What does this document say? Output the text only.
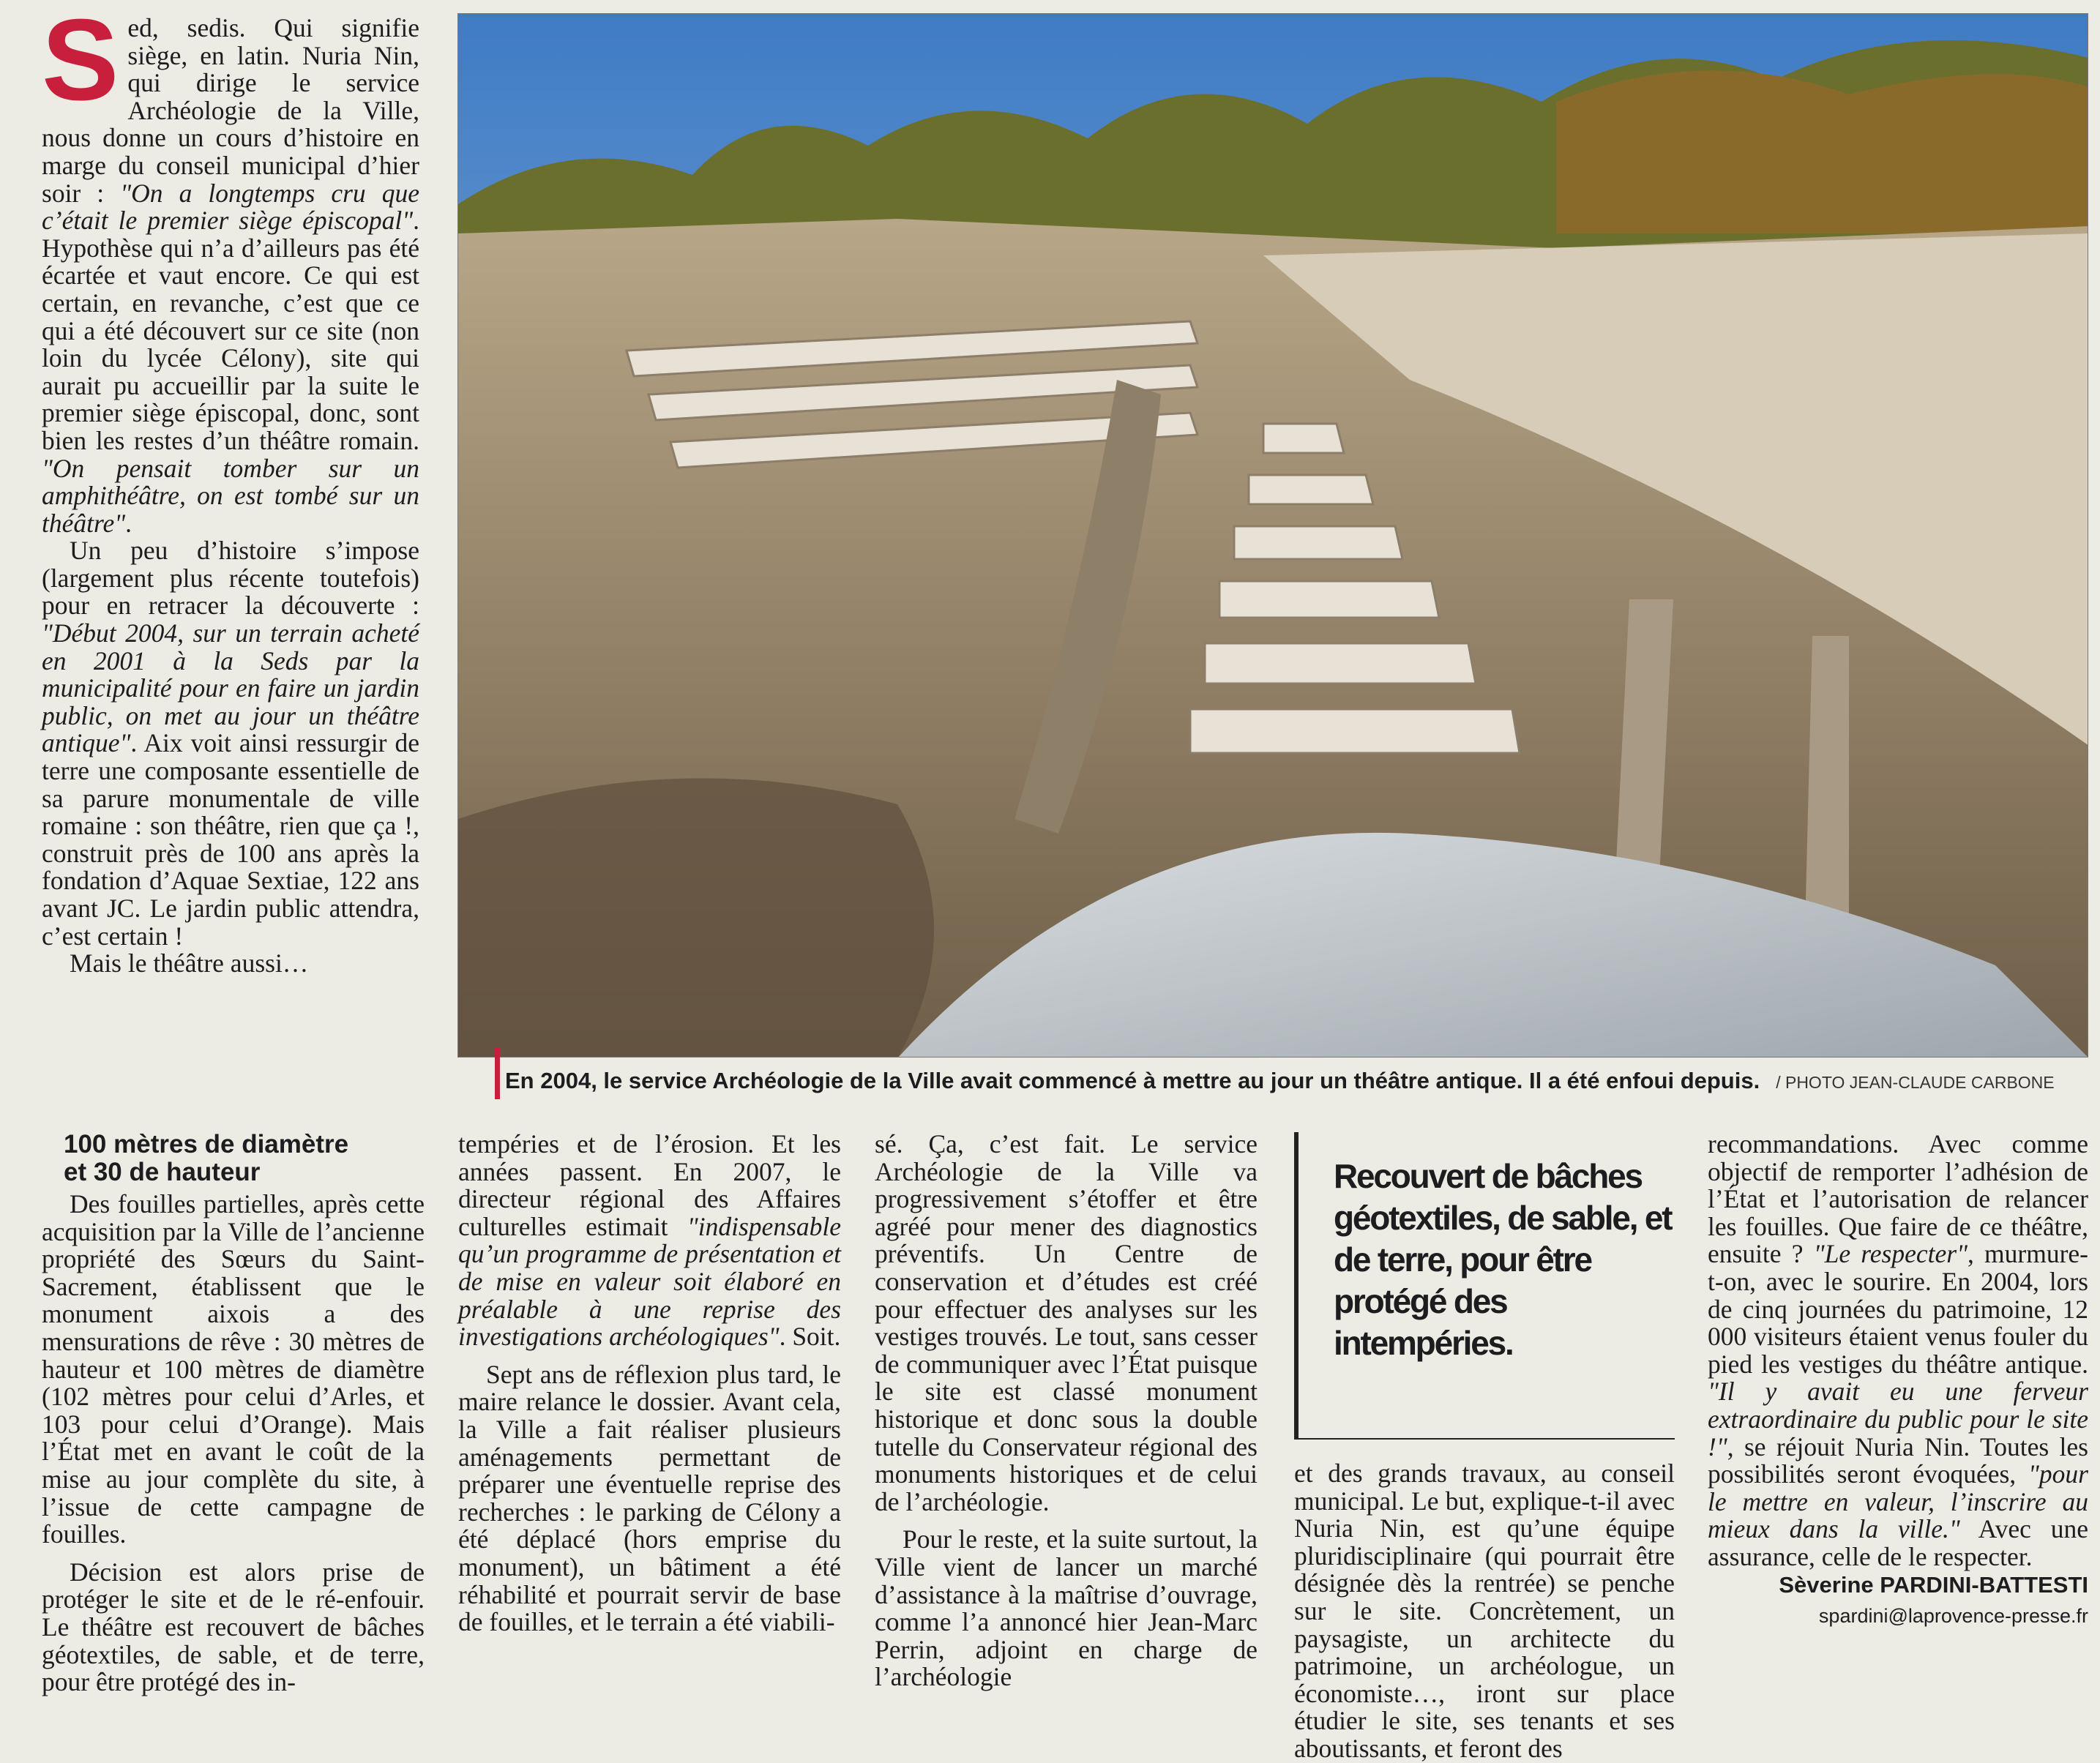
Sed, sedis. Qui signifie siège, en latin. Nuria Nin, qui dirige le service Archéologie de la Ville, nous donne un cours d’histoire en marge du conseil municipal d’hier soir : "On a longtemps cru que c’était le premier siège épiscopal". Hypothèse qui n’a d’ailleurs pas été écartée et vaut encore. Ce qui est certain, en revanche, c’est que ce qui a été découvert sur ce site (non loin du lycée Célony), site qui aurait pu accueillir par la suite le premier siège épiscopal, donc, sont bien les restes d’un théâtre romain. "On pensait tomber sur un amphithéâtre, on est tombé sur un théâtre".

Un peu d’histoire s’impose (largement plus récente toutefois) pour en retracer la découverte : "Début 2004, sur un terrain acheté en 2001 à la Seds par la municipalité pour en faire un jardin public, on met au jour un théâtre antique". Aix voit ainsi ressurgir de terre une composante essentielle de sa parure monumentale de ville romaine : son théâtre, rien que ça !, construit près de 100 ans après la fondation d’Aquae Sextiae, 122 ans avant JC. Le jardin public attendra, c’est certain !

Mais le théâtre aussi…

En 2004, le service Archéologie de la Ville avait commencé à mettre au jour un théâtre antique. Il a été enfoui depuis. / PHOTO JEAN-CLAUDE CARBONE
100 mètres de diamètre
et 30 de hauteur

Des fouilles partielles, après cette acquisition par la Ville de l’ancienne propriété des Sœurs du Saint-Sacrement, établissent que le monument aixois a des mensurations de rêve : 30 mètres de hauteur et 100 mètres de diamètre (102 mètres pour celui d’Arles, et 103 pour celui d’Orange). Mais l’État met en avant le coût de la mise au jour complète du site, à l’issue de cette campagne de fouilles.

Décision est alors prise de protéger le site et de le ré-enfouir. Le théâtre est recouvert de bâches géotextiles, de sable, et de terre, pour être protégé des in-

tempéries et de l’érosion. Et les années passent. En 2007, le directeur régional des Affaires culturelles estimait "indispensable qu’un programme de présentation et de mise en valeur soit élaboré en préalable à une reprise des investigations archéologiques". Soit.

Sept ans de réflexion plus tard, le maire relance le dossier. Avant cela, la Ville a fait réaliser plusieurs aménagements permettant de préparer une éventuelle reprise des recherches : le parking de Célony a été déplacé (hors emprise du monument), un bâtiment a été réhabilité et pourrait servir de base de fouilles, et le terrain a été viabili-

sé. Ça, c’est fait. Le service Archéologie de la Ville va progressivement s’étoffer et être agréé pour mener des diagnostics préventifs. Un Centre de conservation et d’études est créé pour effectuer des analyses sur les vestiges trouvés. Le tout, sans cesser de communiquer avec l’État puisque le site est classé monument historique et donc sous la double tutelle du Conservateur régional des monuments historiques et de celui de l’archéologie.

Pour le reste, et la suite surtout, la Ville vient de lancer un marché d’assistance à la maîtrise d’ouvrage, comme l’a annoncé hier Jean-Marc Perrin, adjoint en charge de l’archéologie

Recouvert de bâches géotextiles, de sable, et de terre, pour être protégé des intempéries.

et des grands travaux, au conseil municipal. Le but, explique-t-il avec Nuria Nin, est qu’une équipe pluridisciplinaire (qui pourrait être désignée dès la rentrée) se penche sur le site. Concrètement, un paysagiste, un architecte du patrimoine, un archéologue, un économiste…, iront sur place étudier le site, ses tenants et ses aboutissants, et feront des

recommandations. Avec comme objectif de remporter l’adhésion de l’État et l’autorisation de relancer les fouilles. Que faire de ce théâtre, ensuite ? "Le respecter", murmure-t-on, avec le sourire. En 2004, lors de cinq journées du patrimoine, 12 000 visiteurs étaient venus fouler du pied les vestiges du théâtre antique. "Il y avait eu une ferveur extraordinaire du public pour le site !", se réjouit Nuria Nin. Toutes les possibilités seront évoquées, "pour le mettre en valeur, l’inscrire au mieux dans la ville." Avec une assurance, celle de le respecter.

Sèverine PARDINI-BATTESTI

spardini@laprovence-presse.fr
